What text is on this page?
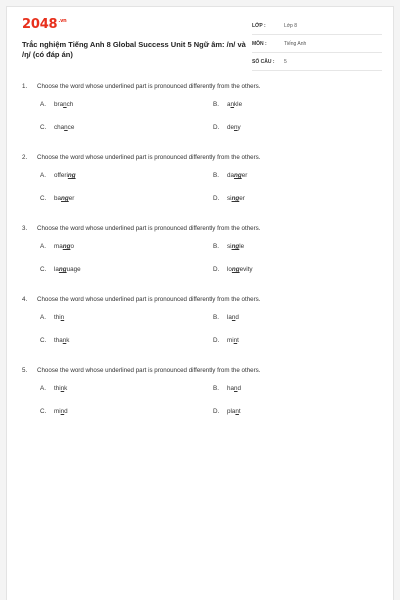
$2048^{.vn}$
Trắc nghiệm Tiếng Anh 8 Global Success Unit 5 Ngữ âm: /n/ và /ŋ/ (có đáp án)
LỚP :	Lớp 8
MÔN :	Tiếng Anh
SỐ CÂU :	5
1.	Choose the word whose underlined part is pronounced differently from the others.
A.	branch	B.	ankle
C.	chance	D.	deny
2.	Choose the word whose underlined part is pronounced differently from the others.
A.	offering	B.	danger
C.	banger	D.	singer
3.	Choose the word whose underlined part is pronounced differently from the others.
A.	mango	B.	single
C.	language	D.	longevity
4.	Choose the word whose underlined part is pronounced differently from the others.
A.	thin	B.	land
C.	thank	D.	mint
5.	Choose the word whose underlined part is pronounced differently from the others.
A.	think	B.	hand
C.	mind	D.	plant
